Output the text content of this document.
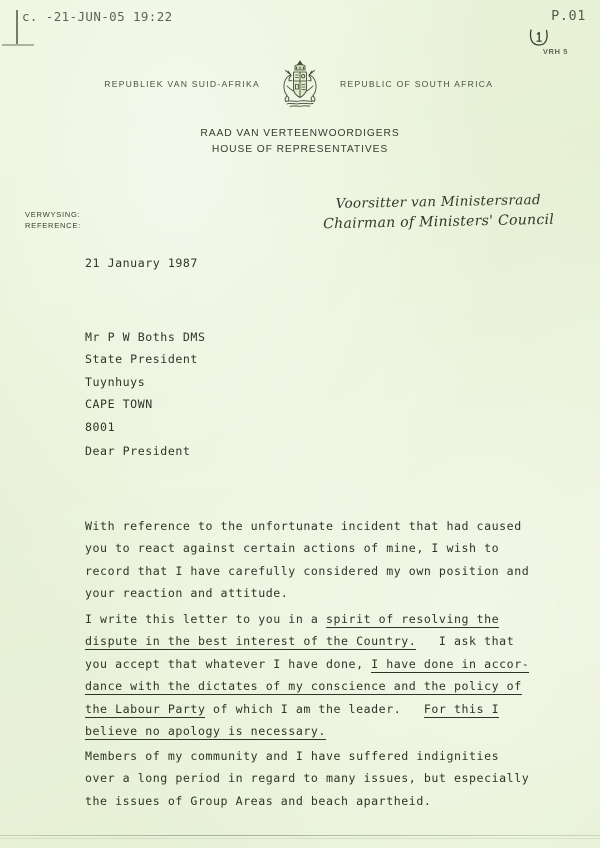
c. -21-JUN-05 19:22	P.01
VRH 5
REPUBLIEK VAN SUID-AFRIKA	REPUBLIC OF SOUTH AFRICA
RAAD VAN VERTEENWOORDIGERS
HOUSE OF REPRESENTATIVES
Voorsitter van Ministersraad
Chairman of Ministers' Council
VERWYSING:
REFERENCE:
21 January 1987

Mr P W Boths DMS
State President
Tuynhuys
CAPE TOWN
8001

Dear President

With reference to the unfortunate incident that had caused
you to react against certain actions of mine, I wish to
record that I have carefully considered my own position and
your reaction and attitude.

I write this letter to you in a spirit of resolving the
dispute in the best interest of the Country.   I ask that
you accept that whatever I have done, I have done in accor-
dance with the dictates of my conscience and the policy of
the Labour Party of which I am the leader.   For this I
believe no apology is necessary.

Members of my community and I have suffered indignities
over a long period in regard to many issues, but especially
the issues of Group Areas and beach apartheid.
